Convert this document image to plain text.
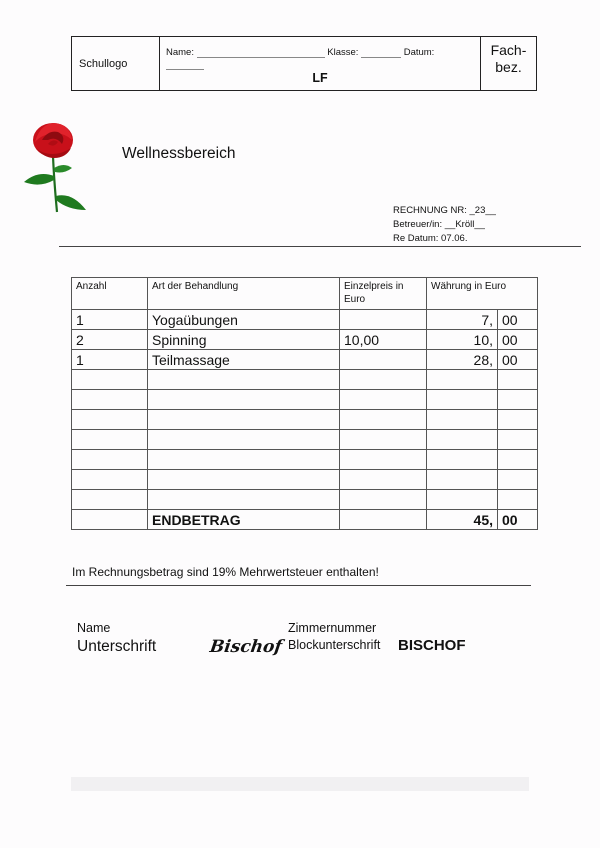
Schullogo
Name:	Klasse:	Datum:
LF
Fach-
bez.
Wellnessbereich
RECHNUNG NR: _23__
Betreuer/in: __Kröll__
Re Datum: 07.06.
Anzahl	Art der Behandlung	Einzelpreis in Euro	Währung in Euro	
1	Yogaübungen		7,	00
2	Spinning	10,00	10,	00
1	Teilmassage		28,	00

	ENDBETRAG		45,	00
Im Rechnungsbetrag sind 19% Mehrwertsteuer enthalten!
Name
Unterschrift	Bischof
Zimmernummer
Blockunterschrift BISCHOF
